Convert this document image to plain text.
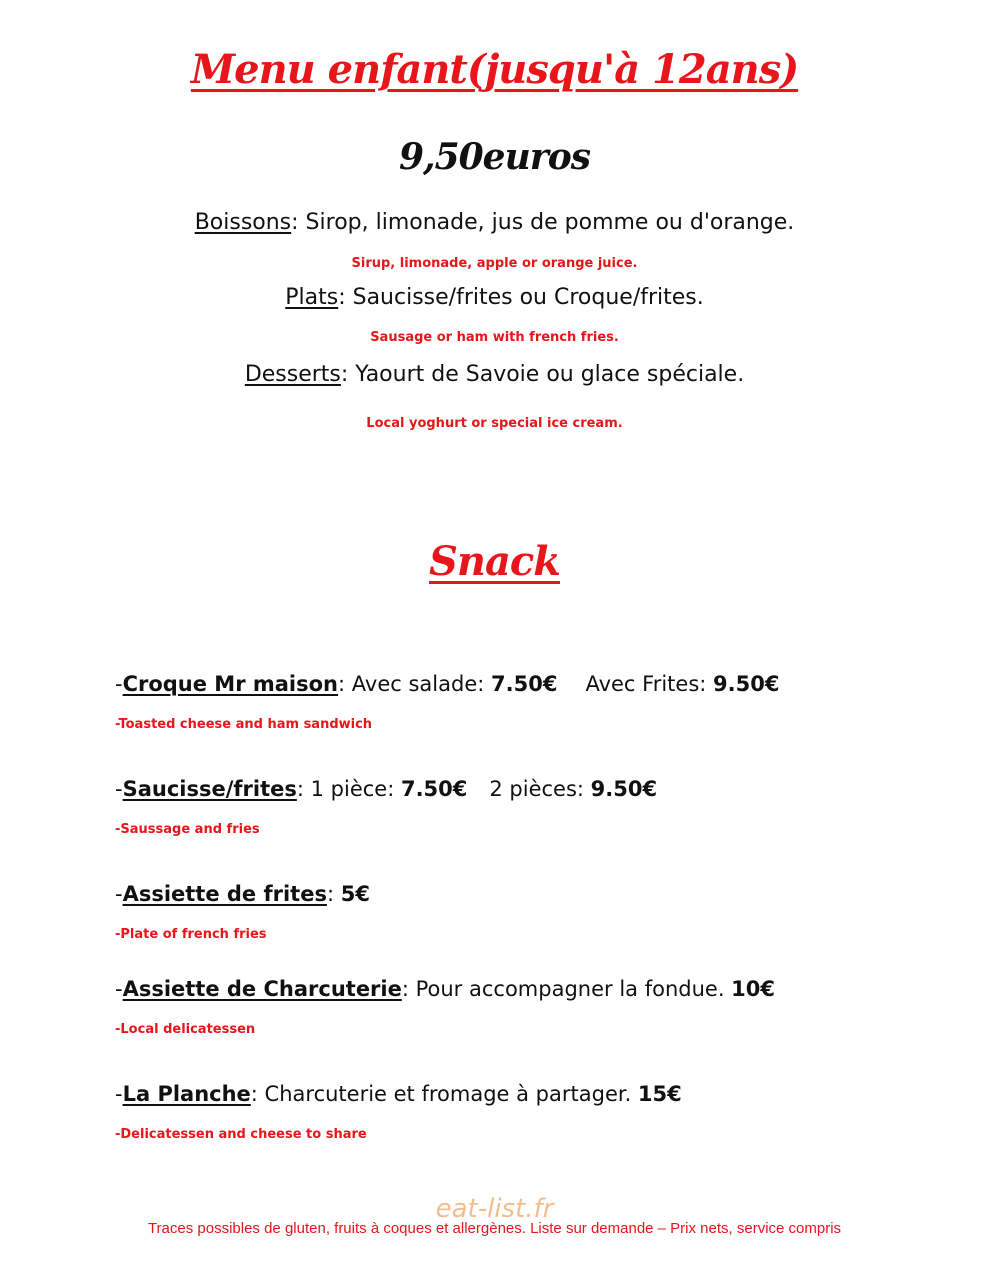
Menu enfant(jusqu'à 12ans)
9,50euros
Boissons: Sirop, limonade, jus de pomme ou d'orange.
Sirup, limonade, apple or orange juice.
Plats: Saucisse/frites ou Croque/frites.
Sausage or ham with french fries.
Desserts: Yaourt de Savoie ou glace spéciale.
Local yoghurt or special ice cream.
Snack
-Croque Mr maison: Avec salade: 7.50€ Avec Frites: 9.50€
-Toasted cheese and ham sandwich
-Saucisse/frites: 1 pièce: 7.50€ 2 pièces: 9.50€
-Saussage and fries
-Assiette de frites: 5€
-Plate of french fries
-Assiette de Charcuterie: Pour accompagner la fondue. 10€
-Local delicatessen
-La Planche: Charcuterie et fromage à partager. 15€
-Delicatessen and cheese to share
eat-list.fr
Traces possibles de gluten, fruits à coques et allergènes. Liste sur demande – Prix nets, service compris
